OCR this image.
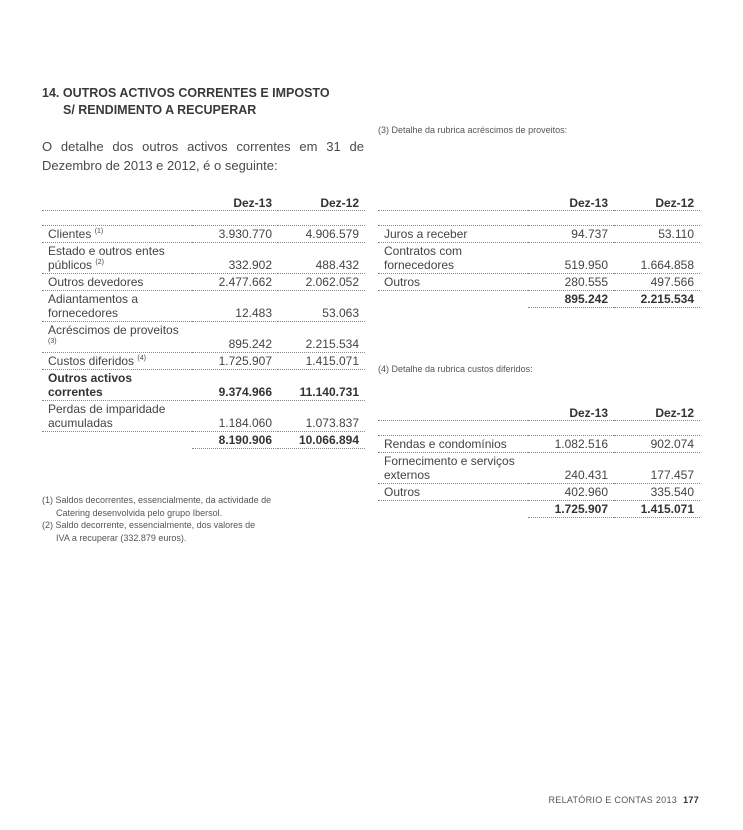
14. OUTROS ACTIVOS CORRENTES E IMPOSTO
S/ RENDIMENTO A RECUPERAR

O detalhe dos outros activos correntes em 31 de Dezembro de 2013 e 2012, é o seguinte:

	Dez-13	Dez-12

Clientes $^{(1)}$	3.930.770	4.906.579
Estado e outros entes públicos $^{(2)}$	332.902	488.432
Outros devedores	2.477.662	2.062.052
Adiantamentos a fornecedores	12.483	53.063
Acréscimos de proveitos $^{(3)}$	895.242	2.215.534
Custos diferidos $^{(4)}$	1.725.907	1.415.071
Outros activos correntes	9.374.966	11.140.731
Perdas de imparidade acumuladas	1.184.060	1.073.837
	8.190.906	10.066.894
(1) Saldos decorrentes, essencialmente, da actividade de
Catering desenvolvida pelo grupo Ibersol.
(2) Saldo decorrente, essencialmente, dos valores de
IVA a recuperar (332.879 euros).

(3) Detalhe da rubrica acréscimos de proveitos:

	Dez-13	Dez-12

Juros a receber	94.737	53.110
Contratos com fornecedores	519.950	1.664.858
Outros	280.555	497.566
	895.242	2.215.534

(4) Detalhe da rubrica custos diferidos:

	Dez-13	Dez-12

Rendas e condomínios	1.082.516	902.074
Fornecimento e serviços externos	240.431	177.457
Outros	402.960	335.540
	1.725.907	1.415.071
RELATÓRIO E CONTAS 2013 177
